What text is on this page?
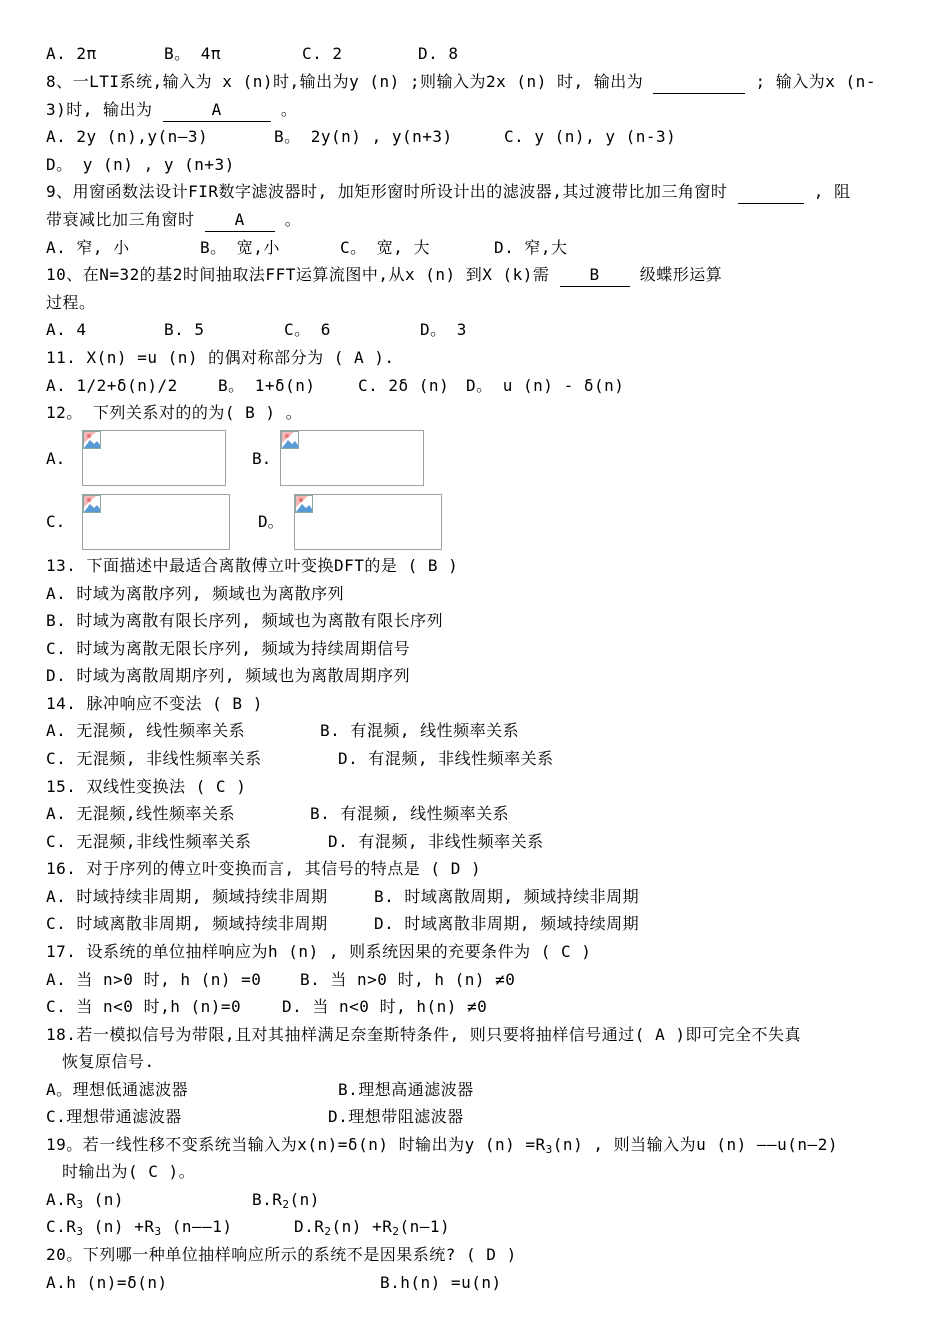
A. 2π	B。 4π	C. 2	D. 8
8、一LTI系统,输入为 x (n)时,输出为y (n) ;则输入为2x (n) 时, 输出为	; 输入为x (n-
3)时, 输出为	A	。
A. 2y (n),y(n—3)	B。 2y(n) , y(n+3)	C. y (n), y (n-3)
D。 y (n) , y (n+3)
9、用窗函数法设计FIR数字滤波器时, 加矩形窗时所设计出的滤波器,其过渡带比加三角窗时	, 阻
带衰减比加三角窗时	A	。
A. 窄, 小	B。 宽,小	C。 宽, 大	D. 窄,大
10、在N=32的基2时间抽取法FFT运算流图中,从x (n) 到X (k)需	B	级蝶形运算
过程。
A. 4	B. 5	C。 6	D。 3
11. X(n) =u (n) 的偶对称部分为 ( A ).
A. 1/2+δ(n)/2	B。 1+δ(n)	C. 2δ (n) D。 u (n) - δ(n)
12。 下列关系对的的为( B ) 。
A.	B.
C.	D。
13. 下面描述中最适合离散傅立叶变换DFT的是 ( B )
A. 时域为离散序列, 频域也为离散序列
B. 时域为离散有限长序列, 频域也为离散有限长序列
C. 时域为离散无限长序列, 频域为持续周期信号
D. 时域为离散周期序列, 频域也为离散周期序列
14. 脉冲响应不变法 ( B )
A. 无混频, 线性频率关系	B. 有混频, 线性频率关系
C. 无混频, 非线性频率关系	D. 有混频, 非线性频率关系
15. 双线性变换法 ( C )
A. 无混频,线性频率关系	B. 有混频, 线性频率关系
C. 无混频,非线性频率关系	D. 有混频, 非线性频率关系
16. 对于序列的傅立叶变换而言, 其信号的特点是 ( D )
A. 时域持续非周期, 频域持续非周期	B. 时域离散周期, 频域持续非周期
C. 时域离散非周期, 频域持续非周期	D. 时域离散非周期, 频域持续周期
17. 设系统的单位抽样响应为h (n) , 则系统因果的充要条件为 ( C )
A. 当 n>0 时, h (n) =0 B. 当 n>0 时, h (n) ≠0
C. 当 n<0 时,h (n)=0	D. 当 n<0 时, h(n) ≠0
18.若一模拟信号为带限,且对其抽样满足奈奎斯特条件, 则只要将抽样信号通过( A )即可完全不失真
恢复原信号.
A。理想低通滤波器	B.理想高通滤波器
C.理想带通滤波器	D.理想带阻滤波器
19。若一线性移不变系统当输入为x(n)=δ(n) 时输出为y $(n) =R_3(n)$ , 则当输入为u (n) ——u(n—2)
时输出为( C )。
$A.R_3$ (n)	$B.R_2(n)$
$C.R_3$ $(n) +R_3$ (n——1)	$D.R_2(n)$ $+R_2(n—1)$
20。下列哪一种单位抽样响应所示的系统不是因果系统? ( D )
A.h (n)=δ(n)	B.h(n) =u(n)
